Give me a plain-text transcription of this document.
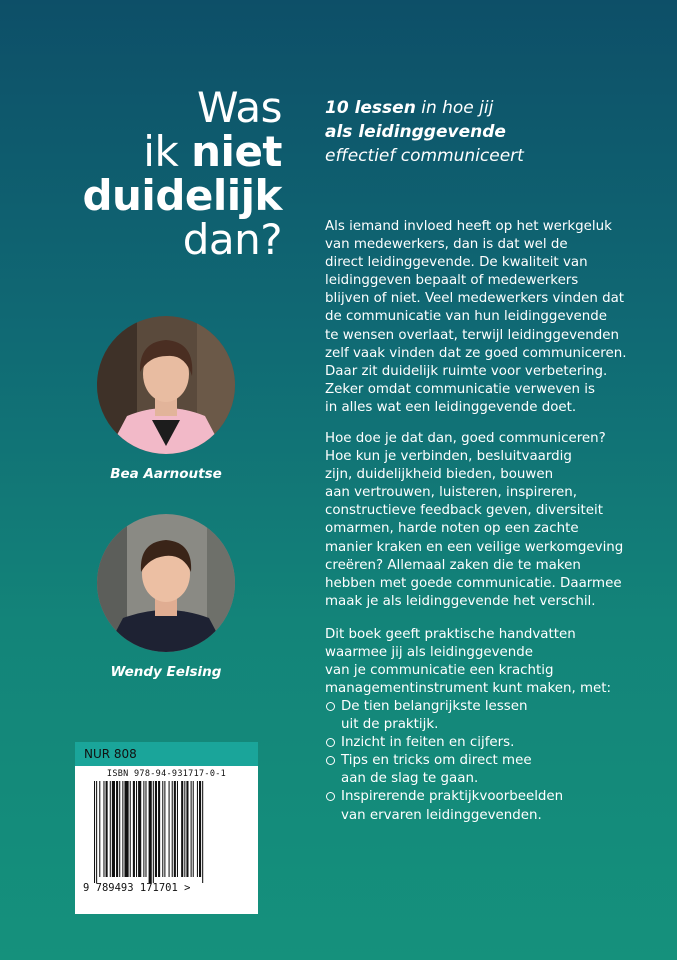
Was
ik niet
duidelijk
dan?
10 lessen in hoe jij
als leidinggevende
effectief communiceert
Bea Aarnoutse
Wendy Eelsing

Als iemand invloed heeft op het werkgeluk

van medewerkers, dan is dat wel de

direct leidinggevende. De kwaliteit van

leidinggeven bepaalt of medewerkers

blijven of niet. Veel medewerkers vinden dat

de communicatie van hun leidinggevende

te wensen overlaat, terwijl leidinggevenden

zelf vaak vinden dat ze goed communiceren.

Daar zit duidelijk ruimte voor verbetering.

Zeker omdat communicatie verweven is

in alles wat een leidinggevende doet.

Hoe doe je dat dan, goed communiceren?

Hoe kun je verbinden, besluitvaardig

zijn, duidelijkheid bieden, bouwen

aan vertrouwen, luisteren, inspireren,

constructieve feedback geven, diversiteit

omarmen, harde noten op een zachte

manier kraken en een veilige werkomgeving

creëren? Allemaal zaken die te maken

hebben met goede communicatie. Daarmee

maak je als leidinggevende het verschil.

Dit boek geeft praktische handvatten

waarmee jij als leidinggevende

van je communicatie een krachtig

managementinstrument kunt maken, met:

De tien belangrijkste lessen
uit de praktijk.
Inzicht in feiten en cijfers.
Tips en tricks om direct mee
aan de slag te gaan.
Inspirerende praktijkvoorbeelden
van ervaren leidinggevenden.
NUR 808
ISBN 978-94-931717-0-1
9 789493 171701 >
